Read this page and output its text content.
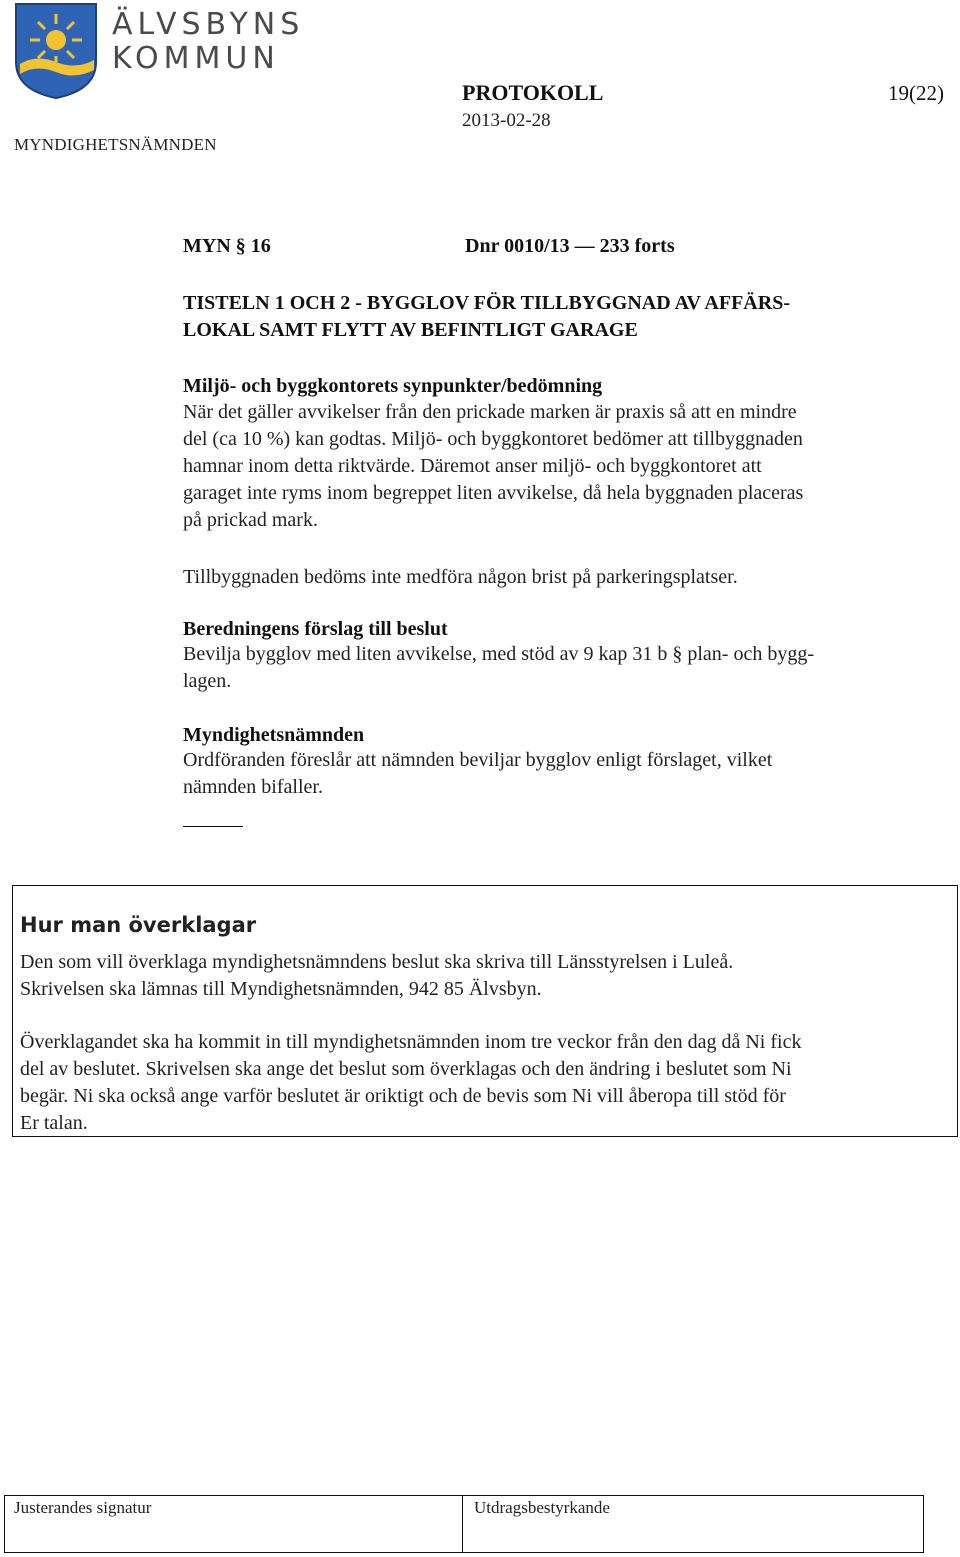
ÄLVSBYNS
KOMMUN
MYNDIGHETSNÄMNDEN
PROTOKOLL	19(22)
2013-02-28
MYN § 16	Dnr 0010/13 — 233 forts
TISTELN 1 OCH 2 - BYGGLOV FÖR TILLBYGGNAD AV AFFÄRS-
LOKAL SAMT FLYTT AV BEFINTLIGT GARAGE
Miljö- och byggkontorets synpunkter/bedömning
När det gäller avvikelser från den prickade marken är praxis så att en mindre
del (ca 10 %) kan godtas. Miljö- och byggkontoret bedömer att tillbyggnaden
hamnar inom detta riktvärde. Däremot anser miljö- och byggkontoret att
garaget inte ryms inom begreppet liten avvikelse, då hela byggnaden placeras
på prickad mark.
Tillbyggnaden bedöms inte medföra någon brist på parkeringsplatser.
Beredningens förslag till beslut
Bevilja bygglov med liten avvikelse, med stöd av 9 kap 31 b § plan- och bygg-
lagen.
Myndighetsnämnden
Ordföranden föreslår att nämnden beviljar bygglov enligt förslaget, vilket
nämnden bifaller.
Hur man överklagar
Den som vill överklaga myndighetsnämndens beslut ska skriva till Länsstyrelsen i Luleå.
Skrivelsen ska lämnas till Myndighetsnämnden, 942 85 Älvsbyn.
Överklagandet ska ha kommit in till myndighetsnämnden inom tre veckor från den dag då Ni fick
del av beslutet. Skrivelsen ska ange det beslut som överklagas och den ändring i beslutet som Ni
begär. Ni ska också ange varför beslutet är oriktigt och de bevis som Ni vill åberopa till stöd för
Er talan.
Justerandes signatur	Utdragsbestyrkande
